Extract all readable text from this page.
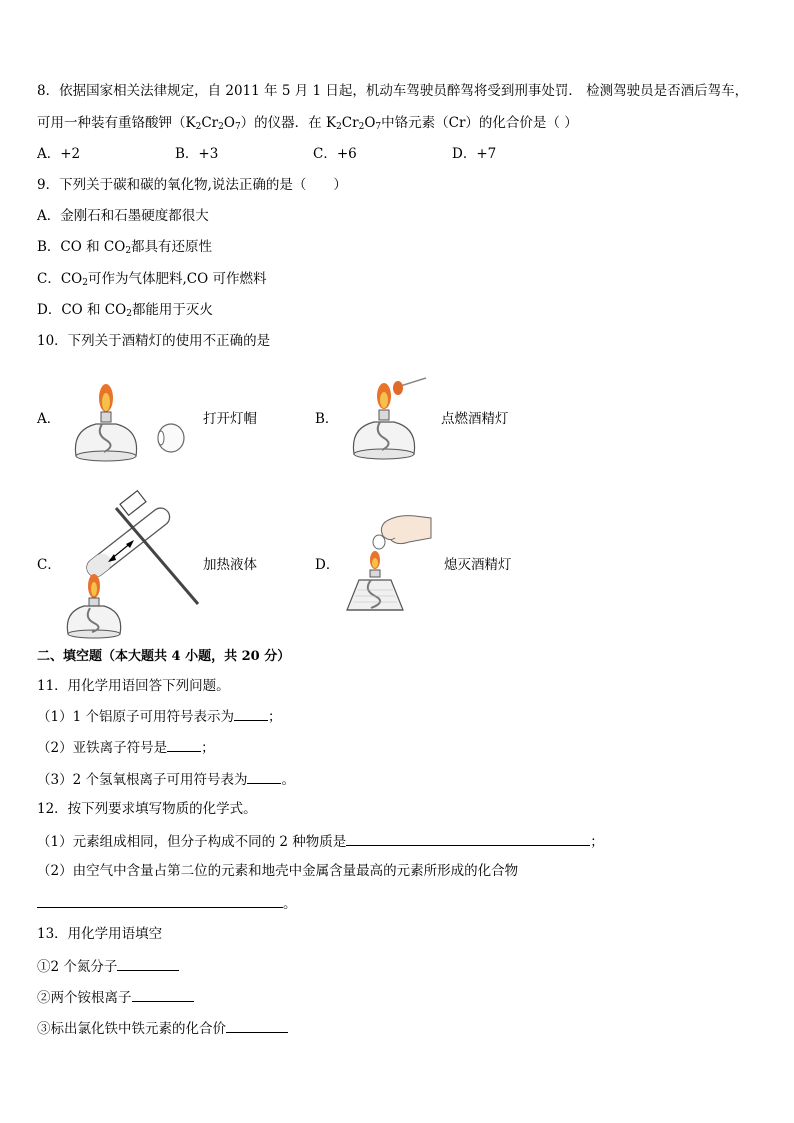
8．依据国家相关法律规定，自 2011 年 5 月 1 日起，机动车驾驶员醉驾将受到刑事处罚． 检测驾驶员是否酒后驾车，
可用一种装有重铬酸钾$(K_2Cr_2O_7)$的仪器．在 $K_2Cr_2O_7$中铬元素（Cr）的化合价是（ ）
A．+2	B．+3	C．+6	D．+7
9．下列关于碳和碳的氧化物,说法正确的是（　　）
A．金刚石和石墨硬度都很大
B．CO 和 $CO_2$都具有还原性
C．$CO_2$可作为气体肥料,CO 可作燃料
D．CO 和 $CO_2$都能用于灭火
10．下列关于酒精灯的使用不正确的是
A．	打开灯帽	B．	点燃酒精灯
C．	加热液体	D．	熄灭酒精灯
二、填空题（本大题共 4 小题，共 20 分）
11．用化学用语回答下列问题。
（1）1 个铝原子可用符号表示为	；
（2）亚铁离子符号是	；
（3）2 个氢氧根离子可用符号表为	。
12．按下列要求填写物质的化学式。
（1）元素组成相同，但分子构成不同的 2 种物质是	；
（2）由空气中含量占第二位的元素和地壳中金属含量最高的元素所形成的化合物
。
13．用化学用语填空
①2 个氮分子
②两个铵根离子
③标出氯化铁中铁元素的化合价
